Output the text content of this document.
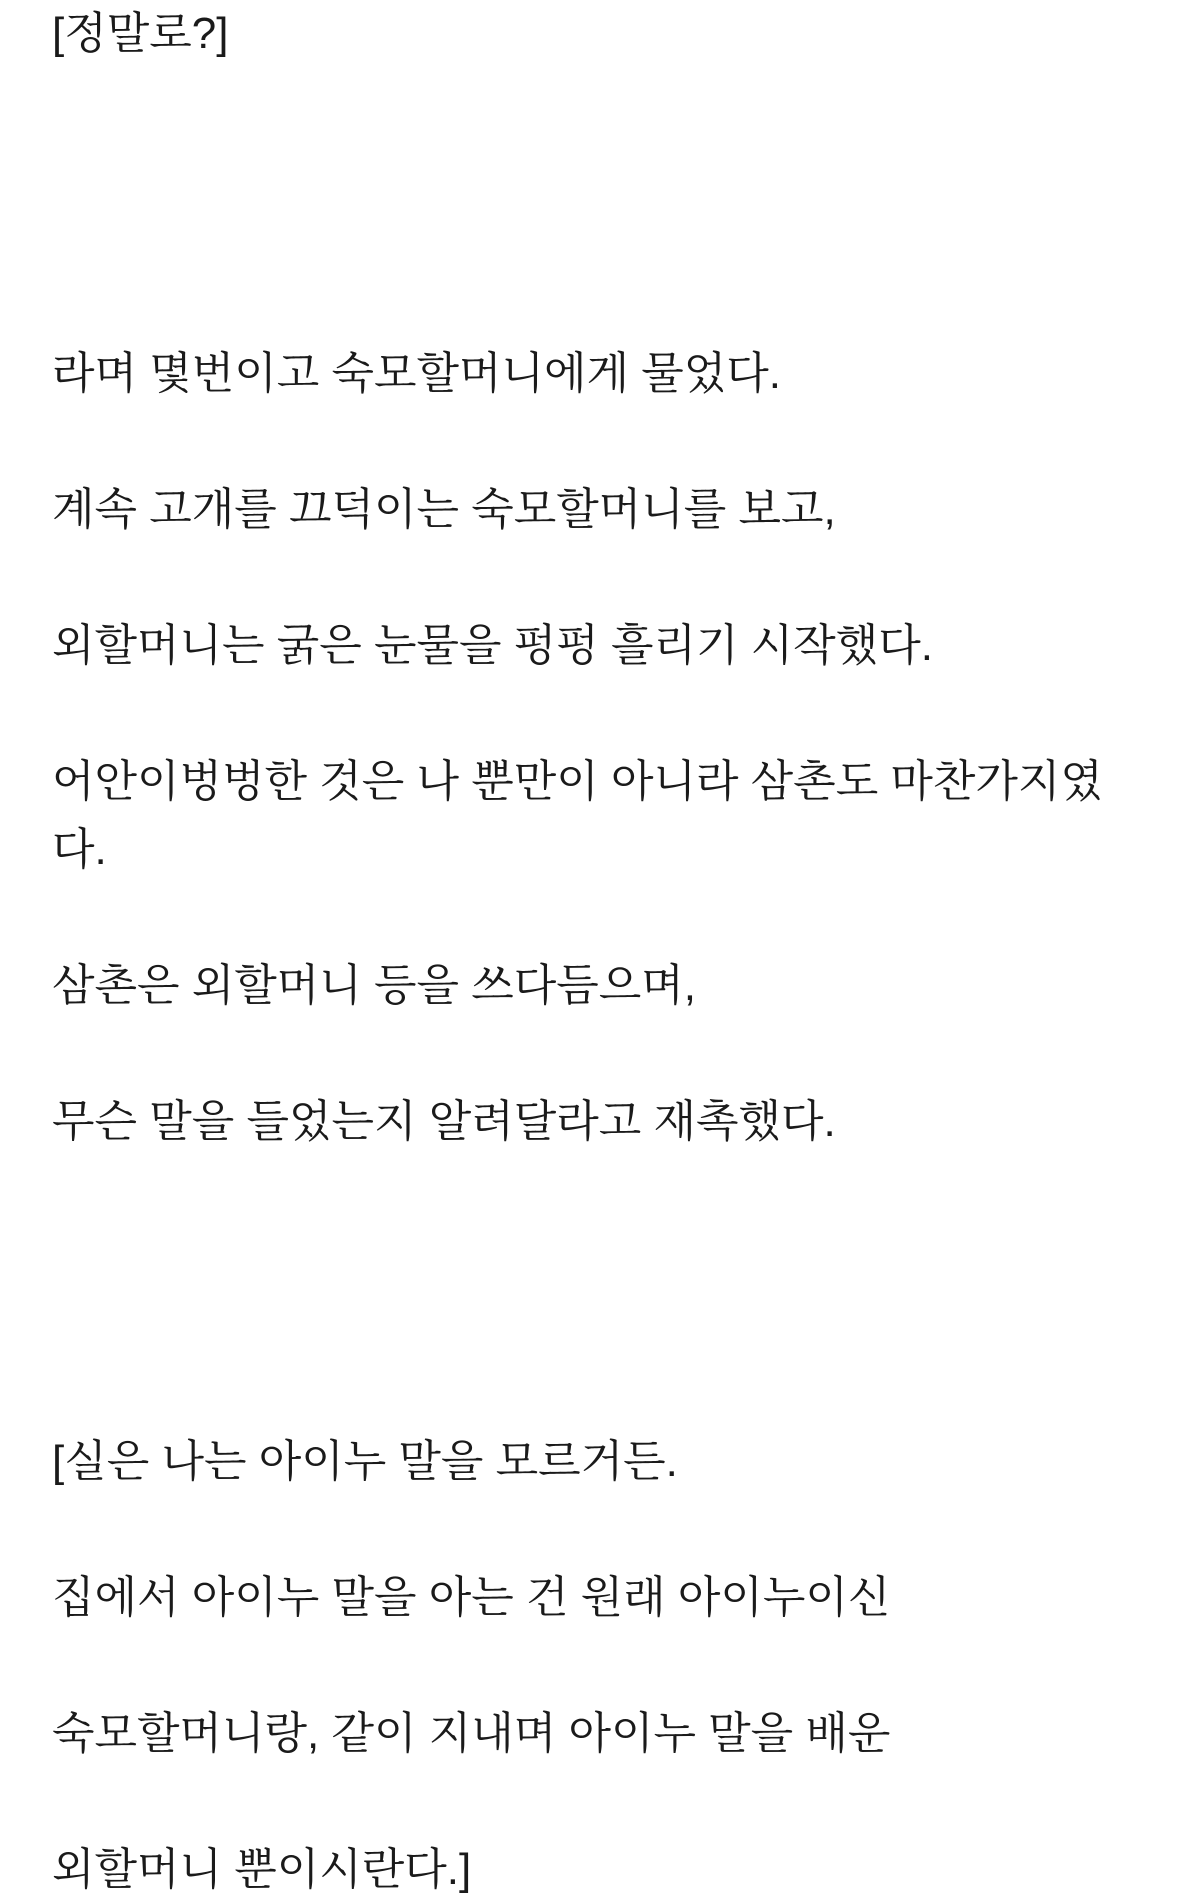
[정말로?]

라며 몇번이고 숙모할머니에게 물었다.

계속 고개를 끄덕이는 숙모할머니를 보고,

외할머니는 굵은 눈물을 펑펑 흘리기 시작했다.

어안이벙벙한 것은 나 뿐만이 아니라 삼촌도 마찬가지였다.

삼촌은 외할머니 등을 쓰다듬으며,

무슨 말을 들었는지 알려달라고 재촉했다.

[실은 나는 아이누 말을 모르거든.

집에서 아이누 말을 아는 건 원래 아이누이신

숙모할머니랑, 같이 지내며 아이누 말을 배운

외할머니 뿐이시란다.]
